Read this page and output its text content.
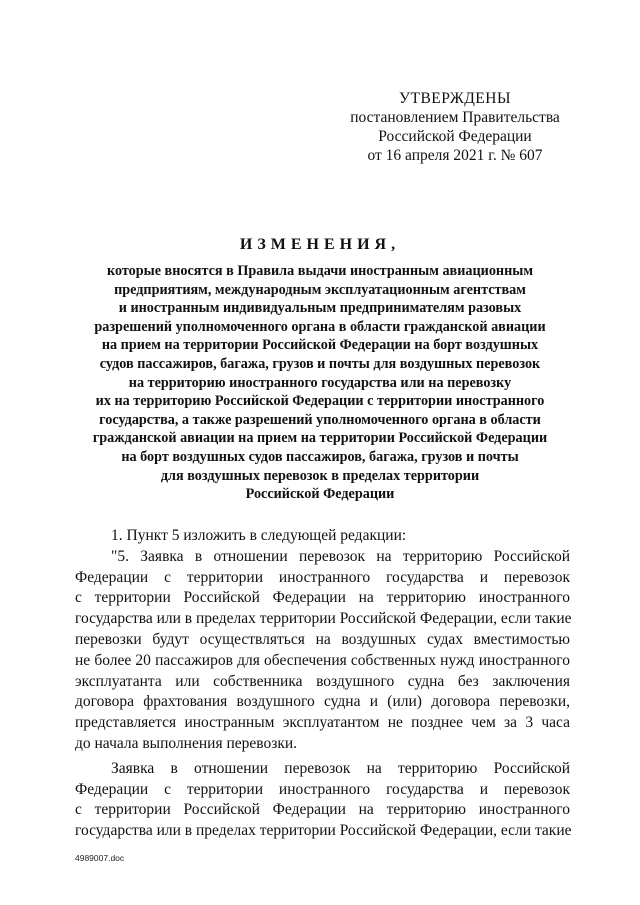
УТВЕРЖДЕНЫ
постановлением Правительства
Российской Федерации
от 16 апреля 2021 г. № 607
ИЗМЕНЕНИЯ,
которые вносятся в Правила выдачи иностранным авиационным
предприятиям, международным эксплуатационным агентствам
и иностранным индивидуальным предпринимателям разовых
разрешений уполномоченного органа в области гражданской авиации
на прием на территории Российской Федерации на борт воздушных
судов пассажиров, багажа, грузов и почты для воздушных перевозок
на территорию иностранного государства или на перевозку
их на территорию Российской Федерации с территории иностранного
государства, а также разрешений уполномоченного органа в области
гражданской авиации на прием на территории Российской Федерации
на борт воздушных судов пассажиров, багажа, грузов и почты
для воздушных перевозок в пределах территории
Российской Федерации

1. Пункт 5 изложить в следующей редакции:

"5. Заявка в отношении перевозок на территорию Российской
Федерации с территории иностранного государства и перевозок
с территории Российской Федерации на территорию иностранного
государства или в пределах территории Российской Федерации, если такие
перевозки будут осуществляться на воздушных судах вместимостью
не более 20 пассажиров для обеспечения собственных нужд иностранного
эксплуатанта или собственника воздушного судна без заключения
договора фрахтования воздушного судна и (или) договора перевозки,
представляется иностранным эксплуатантом не позднее чем за 3 часа
до начала выполнения перевозки.

Заявка в отношении перевозок на территорию Российской
Федерации с территории иностранного государства и перевозок
с территории Российской Федерации на территорию иностранного
государства или в пределах территории Российской Федерации, если такие

4989007.doc
